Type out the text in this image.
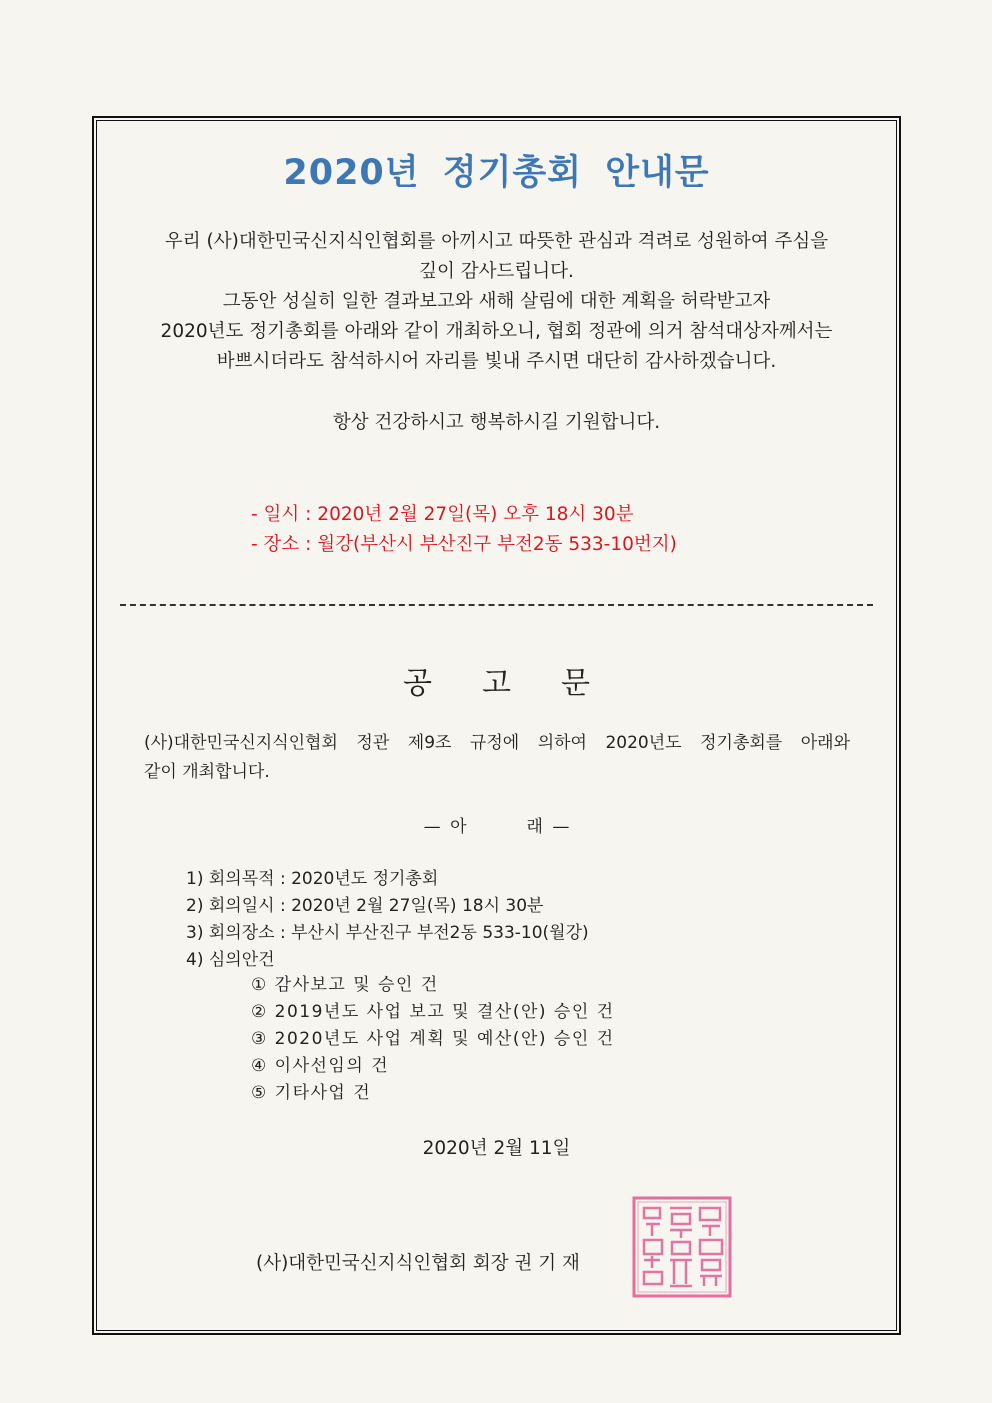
2020년 정기총회 안내문
우리 (사)대한민국신지식인협회를 아끼시고 따뜻한 관심과 격려로 성원하여 주심을
깊이 감사드립니다.
그동안 성실히 일한 결과보고와 새해 살림에 대한 계획을 허락받고자
2020년도 정기총회를 아래와 같이 개최하오니, 협회 정관에 의거 참석대상자께서는
바쁘시더라도 참석하시어 자리를 빛내 주시면 대단히 감사하겠습니다.
항상 건강하시고 행복하시길 기원합니다.
- 일시 : 2020년 2월 27일(목) 오후 18시 30분
- 장소 : 월강(부산시 부산진구 부전2동 533-10번지)
공고문
(사)대한민국신지식인협회 정관 제9조 규정에 의하여 2020년도 정기총회를 아래와
같이 개최합니다.
— 아	래 —
1) 회의목적 : 2020년도 정기총회
2) 회의일시 : 2020년 2월 27일(목) 18시 30분
3) 회의장소 : 부산시 부산진구 부전2동 533-10(월강)
4) 심의안건
① 감사보고 및 승인 건
② 2019년도 사업 보고 및 결산(안) 승인 건
③ 2020년도 사업 계획 및 예산(안) 승인 건
④ 이사선임의 건
⑤ 기타사업 건
2020년 2월 11일
(사)대한민국신지식인협회 회장 권 기 재
